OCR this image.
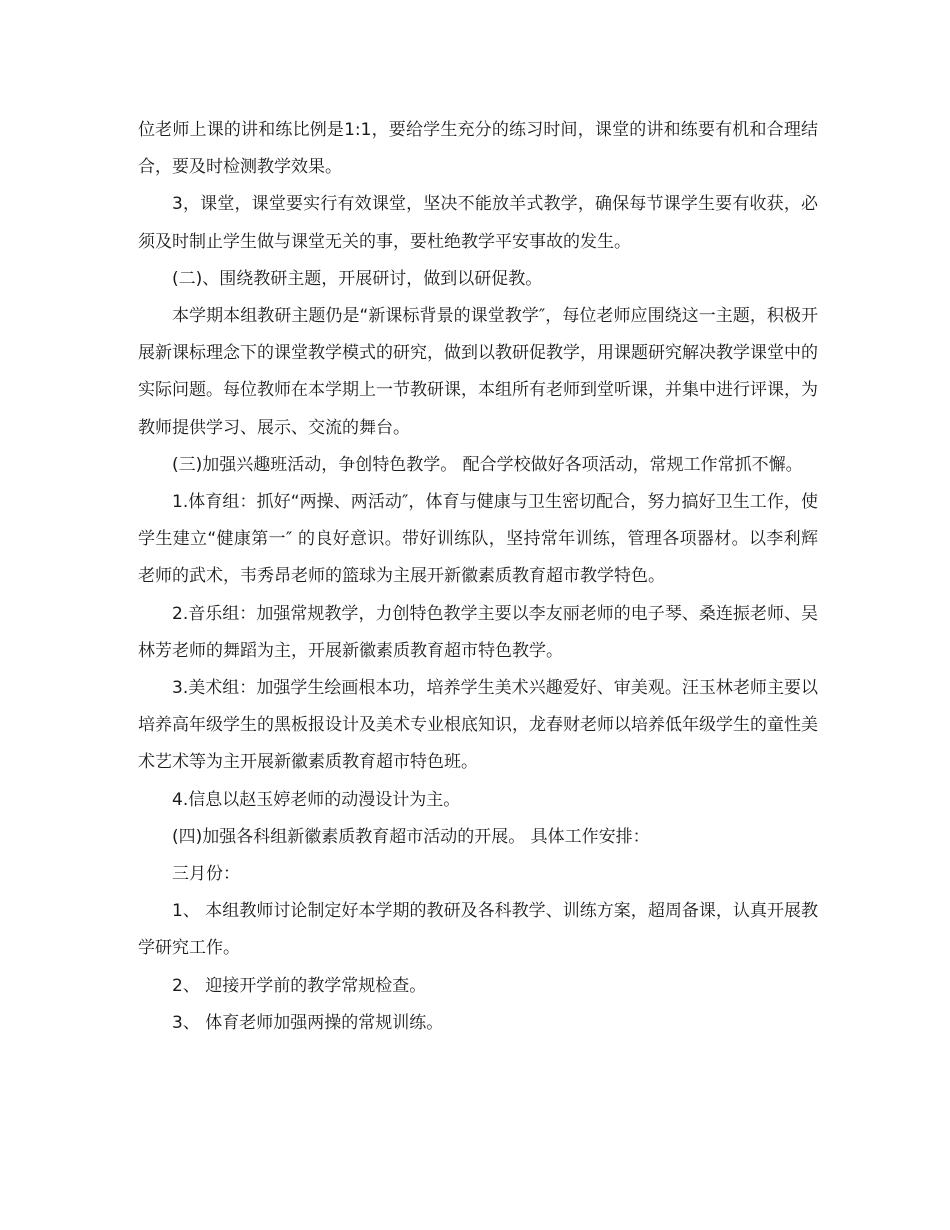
位老师上课的讲和练比例是1:1，要给学生充分的练习时间，课堂的讲和练要有机和合理结合，要及时检测教学效果。

3，课堂，课堂要实行有效课堂，坚决不能放羊式教学，确保每节课学生要有收获，必须及时制止学生做与课堂无关的事，要杜绝教学平安事故的发生。

(二)、围绕教研主题，开展研讨，做到以研促教。

本学期本组教研主题仍是“新课标背景的课堂教学″，每位老师应围绕这一主题，积极开展新课标理念下的课堂教学模式的研究，做到以教研促教学，用课题研究解决教学课堂中的实际问题。每位教师在本学期上一节教研课，本组所有老师到堂听课，并集中进行评课，为教师提供学习、展示、交流的舞台。

(三)加强兴趣班活动，争创特色教学。 配合学校做好各项活动，常规工作常抓不懈。

1.体育组：抓好“两操、两活动″，体育与健康与卫生密切配合，努力搞好卫生工作，使学生建立“健康第一″ 的良好意识。带好训练队，坚持常年训练，管理各项器材。以李利辉老师的武术，韦秀昂老师的篮球为主展开新徽素质教育超市教学特色。

2.音乐组：加强常规教学，力创特色教学主要以李友丽老师的电子琴、桑连振老师、吴林芳老师的舞蹈为主，开展新徽素质教育超市特色教学。

3.美术组：加强学生绘画根本功，培养学生美术兴趣爱好、审美观。汪玉林老师主要以培养高年级学生的黑板报设计及美术专业根底知识，龙春财老师以培养低年级学生的童性美术艺术等为主开展新徽素质教育超市特色班。

4.信息以赵玉婷老师的动漫设计为主。

(四)加强各科组新徽素质教育超市活动的开展。 具体工作安排：

三月份：

1、 本组教师讨论制定好本学期的教研及各科教学、训练方案，超周备课，认真开展教学研究工作。

2、 迎接开学前的教学常规检查。

3、 体育老师加强两操的常规训练。
